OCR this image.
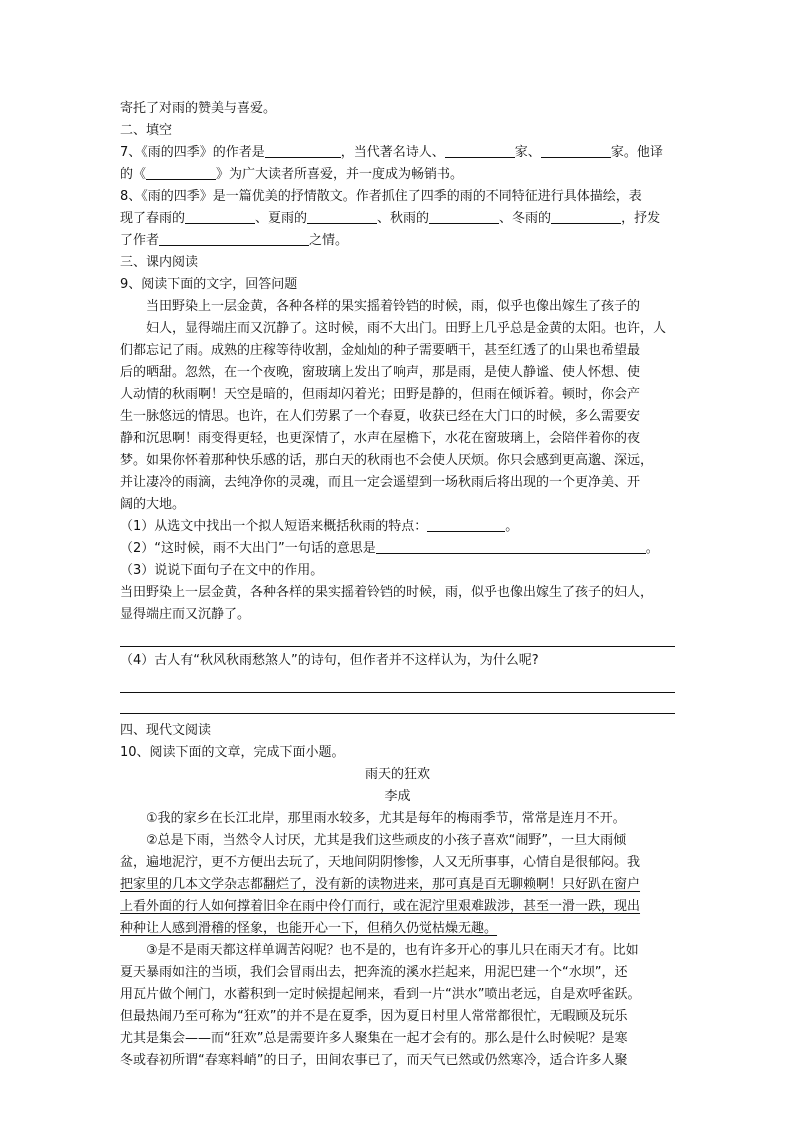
寄托了对雨的赞美与喜爱。
二、填空
7、《雨的四季》的作者是	，当代著名诗人、	家、	家。他译
的《	》为广大读者所喜爱，并一度成为畅销书。
8、《雨的四季》是一篇优美的抒情散文。作者抓住了四季的雨的不同特征进行具体描绘，表
现了春雨的	、夏雨的	、秋雨的	、冬雨的	，抒发
了作者	之情。
三、课内阅读
9、阅读下面的文字，回答问题
当田野染上一层金黄，各种各样的果实摇着铃铛的时候，雨，似乎也像出嫁生了孩子的
妇人，显得端庄而又沉静了。这时候，雨不大出门。田野上几乎总是金黄的太阳。也许，人
们都忘记了雨。成熟的庄稼等待收割，金灿灿的种子需要晒干，甚至红透了的山果也希望最
后的晒甜。忽然，在一个夜晚，窗玻璃上发出了响声，那是雨，是使人静谧、使人怀想、使
人动情的秋雨啊！天空是暗的，但雨却闪着光；田野是静的，但雨在倾诉着。顿时，你会产
生一脉悠远的情思。也许，在人们劳累了一个春夏，收获已经在大门口的时候，多么需要安
静和沉思啊！雨变得更轻，也更深情了，水声在屋檐下，水花在窗玻璃上，会陪伴着你的夜
梦。如果你怀着那种快乐感的话，那白天的秋雨也不会使人厌烦。你只会感到更高邈、深远，
并让凄冷的雨滴，去纯净你的灵魂，而且一定会遥望到一场秋雨后将出现的一个更净美、开
阔的大地。
（1）从选文中找出一个拟人短语来概括秋雨的特点：	。
（2）“这时候，雨不大出门”一句话的意思是	。
（3）说说下面句子在文中的作用。
当田野染上一层金黄，各种各样的果实摇着铃铛的时候，雨，似乎也像出嫁生了孩子的妇人，
显得端庄而又沉静了。
（4）古人有“秋风秋雨愁煞人”的诗句，但作者并不这样认为，为什么呢?
四、现代文阅读
10、阅读下面的文章，完成下面小题。
雨天的狂欢
李成
①我的家乡在长江北岸，那里雨水较多，尤其是每年的梅雨季节，常常是连月不开。
②总是下雨，当然令人讨厌，尤其是我们这些顽皮的小孩子喜欢“闹野”，一旦大雨倾
盆，遍地泥泞，更不方便出去玩了，天地间阴阴惨惨，人又无所事事，心情自是很郁闷。我
把家里的几本文学杂志都翻烂了，没有新的读物进来，那可真是百无聊赖啊！只好趴在窗户
上看外面的行人如何撑着旧伞在雨中伶仃而行，或在泥泞里艰难跋涉，甚至一滑一跌，现出
种种让人感到滑稽的怪象，也能开心一下，但稍久仍觉枯燥无趣。
③是不是雨天都这样单调苦闷呢？也不是的，也有许多开心的事儿只在雨天才有。比如
夏天暴雨如注的当顷，我们会冒雨出去，把奔流的溪水拦起来，用泥巴建一个“水坝”，还
用瓦片做个闸门，水蓄积到一定时候提起闸来，看到一片“洪水”喷出老远，自是欢呼雀跃。
但最热闹乃至可称为“狂欢”的并不是在夏季，因为夏日村里人常常都很忙，无暇顾及玩乐
尤其是集会——而“狂欢”总是需要许多人聚集在一起才会有的。那么是什么时候呢？是寒
冬或春初所谓“春寒料峭”的日子，田间农事已了，而天气已然或仍然寒冷，适合许多人聚
